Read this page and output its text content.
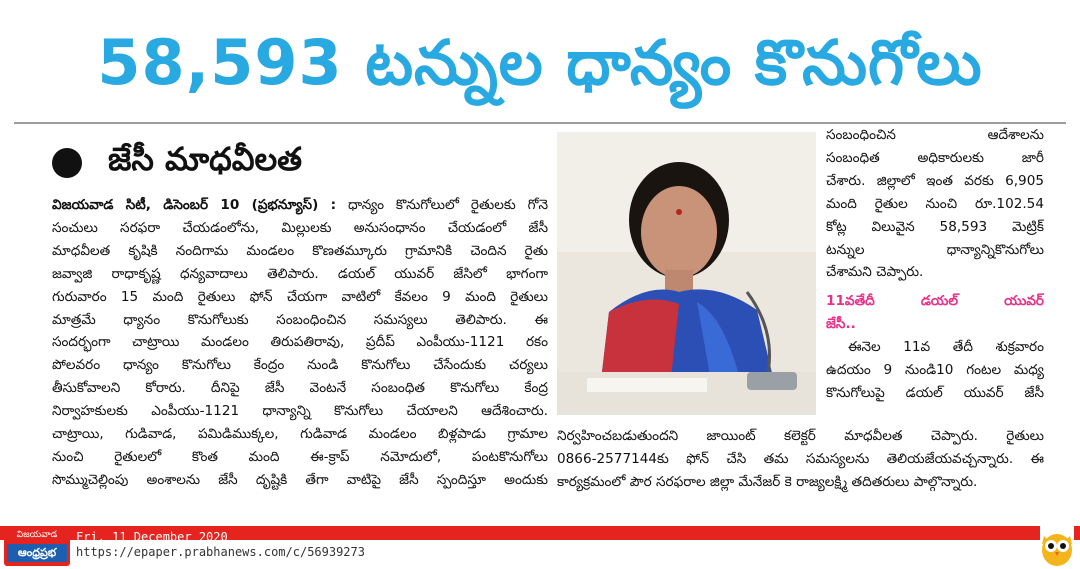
58,593 టన్నుల ధాన్యం కొనుగోలు
జేసీ మాధవీలత
విజయవాడ సిటీ, డిసెంబర్ 10 (ప్రభన్యూస్) : ధాన్యం కొనుగోలులో రైతులకు గోనె
సంచులు సరఫరా చేయడంలోను, మిల్లులకు అనుసంధానం చేయడంలో జేసీ
మాధవీలత కృషికి నందిగామ మండలం కొణతమ్కూరు గ్రామానికి చెందిన రైతు
జవ్వాజి రాధాకృష్ణ ధన్యవాదాలు తెలిపారు. డయల్ యువర్ జేసిలో భాగంగా
గురువారం 15 మంది రైతులు ఫోన్ చేయగా వాటిలో కేవలం 9 మంది రైతులు
మాత్రమే ధ్యానం కొనుగోలుకు సంబంధించిన సమస్యలు తెలిపారు. ఈ
సందర్భంగా చాట్రాయి మండలం తిరుపతిరావు, ప్రదీప్ ఎంపీయు-1121 రకం
పోలవరం ధాన్యం కొనుగోలు కేంద్రం నుండి కొనుగోలు చేసేందుకు చర్యలు
తీసుకోవాలని కోరారు. దీనిపై జేసీ వెంటనే సంబంధిత కొనుగోలు కేంద్ర
నిర్వాహకులకు ఎంపీయు-1121 ధాన్యాన్ని కొనుగోలు చేయాలని ఆదేశించారు.
చాట్రాయి, గుడివాడ, పమిడిముక్కల, గుడివాడ మండలం బిళ్లపాడు గ్రామాల
నుంచి రైతులలో కొంత మంది ఈ-క్రాప్ నమోదులో, పంటకొనుగోలు
సొమ్ముచెల్లింపు అంశాలను జేసీ దృష్టికి తేగా వాటిపై జేసీ స్పందిస్తూ అందుకు
సంబంధించిన ఆదేశాలను
సంబంధిత అధికారులకు జారీ
చేశారు. జిల్లాలో ఇంత వరకు 6,905
మంది రైతుల నుంచి రూ.102.54
కోట్ల విలువైన 58,593 మెట్రిక్
టన్నుల ధాన్యాన్నికొనుగోలు
చేశామని చెప్పారు.
11వతేదీ డయల్ యువర్
జేసీ..
ఈనెల 11వ తేదీ శుక్రవారం
ఉదయం 9 నుండి10 గంటల మధ్య
కొనుగోలుపై డయల్ యువర్ జేసీ
నిర్వహించబడుతుందని జాయింట్ కలెక్టర్ మాధవీలత చెప్పారు. రైతులు
0866-2577144కు ఫోన్ చేసి తమ సమస్యలను తెలియజేయవచ్చన్నారు. ఈ
కార్యక్రమంలో పౌర సరఫరాల జిల్లా మేనేజర్ కె రాజ్యలక్ష్మి తదితరులు పాల్గొన్నారు.
విజయవాడ
ఆంధ్రప్రభ
Fri, 11 December 2020
https://epaper.prabhanews.com/c/56939273
